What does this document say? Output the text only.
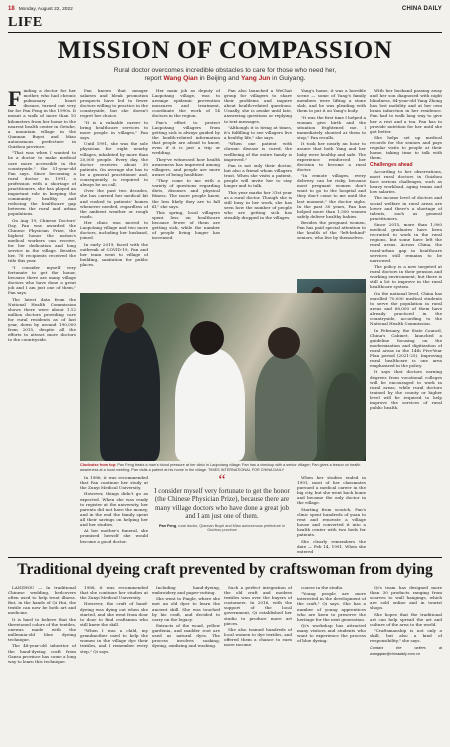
18 Monday, August 22, 2022	CHINA DAILY
LIFE
MISSION OF COMPASSION
Rural doctor overcomes incredible obstacles to care for those who need her,
report Wang Qian in Beijing and Yang Jun in Guiyang.
F inding a doctor for her mother, who had chronic pulmonary heart disease, turned out very far for Pan Feng in the 1990s. It meant a walk of more than 10 kilometers from her home to the nearest health center in Getuhe, a mountain village in the Qiannan Buyei and Miao autonomous prefecture in Guizhou province.

"That was when I wanted to be a doctor to make medical care more accessible in the countryside," the 51-year-old Pan says. Since becoming a rural doctor in 1991, a profession with a shortage of practitioners, she has played an important role in keeping the community healthy and reducing the healthcare gap between the rural and urban populations.

On Aug 19, Chinese Doctors' Day, Pan was awarded the Chinese Physician Prize, the highest honor the nation's medical workers can receive, for her dedication and long service in the village. Besides her, 78 recipients received the title this year.

"I consider myself very fortunate to get the honor, because there are many village doctors who have done a great job and I am just one of them," Pan says.

The latest data from the National Health Commission shows there were about 1.12 million doctors providing care for rural residents as of last year, down by around 190,000 from 2015, despite all the efforts to attract more doctors to the countryside.

Pan knows that meager salaries and bleak promotion prospects have led to fewer doctors willing to practice in the countryside, but she doesn't regret her choice.

"It is a valuable career to bring healthcare services to more people in villages," Pan says.

Until 1991, she was the sole physician for eight nearby villages, inhabited by more than 20,000 people. Every day, the doctor receives about 30 patients. On average she has to be a general practitioner and, consequently, is required to always be on call.

Over the past two decades, she has carried her medical kit and rushed to patients' homes whenever needed, regardless of the ambient weather or rough roads.

Her clinic was moved to Laopotang village and two more doctors, including her husband, joined.

In early 2019, faced with the outbreak of COVID-19, Pan and her team went to village of building, sanitation for public places.

Her main job as deputy of Laopotang village, was to arrange epidemic prevention measures and treatment, coordinate the work of 14 doctors in the region.

Pan's effort to protect Laopotang villagers from getting sick is always guided by the health-related information that people are afraid to know, even if it is just a trip or wedding.

They've witnessed how health awareness has improved among villagers, and people are more aware of being healthier.

"They come to me with a variety of questions regarding diets, diseases and physical fitness. The more people know, the less likely they are to fall ill," she says.

This spring, local villagers spent less on healthcare because fewer of them are getting sick, while the number of people living longer has increased.

Pan also launched a WeChat group for villagers to share their problems and inquire about health-related questions. Usually, she is awake until late, answering questions or replying to text messages.

"Although it is tiring at times, it's fulfilling to see villagers live a healthy life," she says.

"When one patient with chronic disease is cured, the wellbeing of the entire family is improved."

Pan is not only their doctor, but also a friend whom villagers trust. When she visits a patient, people will invite her to stay longer and to talk.

This year marks her 31st year as a rural doctor. Though she is still busy in her work, she has seen how the number of people who are getting sick has steadily dropped in the villages.

Yang's home, it was a horrible scene — some of Yang's family members were lifting a stone slab, and he was pleading with them to put it on Yang's body.

"It was the first time I helped a woman give birth and the situation frightened me. I immediately shouted at them to stop," Pan recalls.

It took her nearly an hour to assure that both Yang and her baby were healthy and safe. The experience reinforced her decision to become a rural doctor.

"In remote villages, every delivery can be risky, because most pregnant women don't want to go to the hospital and they don't come to me until the last moment," the doctor sighs. In the past 30 years, Pan has helped more than 1,500 women safely deliver healthy babies.

Besides the pregnant women, Pan has paid special attention to the health of the "left-behind" seniors, who live by themselves.

With her husband passing away and her son diagnosed with night blindness, 84-year-old Yang Zhong has lost mobility and at her own brain infarction in her residence. Pan had to walk long way to give her a rest and a tea. Pan has to provide nutrition for her until she got better.

She helps set up medical records for the seniors and pays regular visits to people at their home, taking time to talk with them.

Challenges ahead

According to her observations, most rural doctors in Guizhou face serious challenges, such as heavy workload, aging teams and low salaries.

The income level of doctors and social welfare in rural areas are lower and there's a shortage of talents, such as general practitioners.

Since 2015, more than 1,900 medical graduates have been recruited to work in the rural regions, but some have left the rural areas. Across China, the rural-urban gap in healthcare services still remains to be narrowed.

The policy is a new targeted at rural doctors in their pension and working environment, but there is still a lot to improve in the rural healthcare system.

On the national level, China has enrolled 70,000 medical students to serve the population in rural areas and 68,000 of them have already practiced in the countryside, according to the National Health Commission.

In February, the State Council, China's Cabinet, launched a guideline focusing on the modernization and digitization of rural areas in the 14th Five-Year Plan period (2021-25). Improving rural healthcare is one area emphasized in the policy.

It says that doctors earning degrees from vocational colleges will be encouraged to work in rural areas, while rural doctors trained by the county or higher level will be required to help improve the services of rural public health.

Clockwise from top: Pan Feng treats a man's blood pressure at her clinic in Laopotang village; Pan has a checkup with a senior villager; Pan gives a lesson on health awareness at a local meeting. Pan visits a patient at his home in the village. TIMES INTERNATIONAL FOR CHINA DAILY

In 1986, it was recommended that Pan continue her study at the Zunyi Medical University.

However, things didn't go as expected. When she was ready to register at the university, her parents did not have the money, and in the end the family spent all their savings on helping her and her studies.

At her mother's funeral, she promised herself she would become a good doctor.

“
I consider myself very fortunate to get the honor (the Chinese Physician Prize), because there are many village doctors who have done a great job and I am just one of them.
Pan Feng, rural doctor, Qiannan Buyei and Miao autonomous prefecture in Guizhou province

When her studies ended in 1991, most of her classmates pursued a medical career in the big city, but she went back home and became the only doctor in the village.

Starting from scratch, Pan's clinic spent hundreds of yuan to rent and renovate a village house and converted it into a health center with two beds for patients.

She clearly remembers the date — Feb 14, 1991. When she entered

Traditional dyeing craft prevented by craftswoman from dying

LANZHOU — In traditional Chinese wedding, bedcovers often used to help treat illness. But, in the hands of Qi Hui, the textile can now be both art and medicine.

It is hard to believe that the threetoned colors of the textiles, onewas made with the millennia-old blue dyeing technique.

The 48-year-old inheritor of the hand-dyeing craft from Gansu province has come a long way to learn this technique.

1988, it was recommended that she continue her studies at the Zunyi Medical University.

However, the craft of hand-dyeing was dying out when she started, and she went from door to door to find craftsmen who still knew the skill.

"When I was a child, my grandmother used to help the women in the village dye their textiles, and I remember every step," Qi says.

Including hand-dyeing, embroidery and paper-cutting.

She went to Pingle, where she met an old dyer to learn the ancient skill. She was touched by his craft, and decided to carry on the legacy.

Extracts of the woad, yellow gardenia, and madder root are used as natural dyes. The process involves soaking, dyeing, oxidizing and washing.

Such a perfect integration of the old craft and modern textiles won over the buyers of customers. In 2016, with the support of the local government, Qi established her studio to produce more art pieces.

She also trained hundreds of local women to dye textiles, and offered them a chance to earn more income.

course in the studio.

"Young people are more interested in the development of the craft," Qi says. She has a number of young apprentices who are keen to preserve the heritage for the next generation.

Qi's workshop has attracted many visitors and students who want to experience the process of blue dyeing.

Qi's team has designed more than 30 products ranging from scarves to wall hangings, which are sold online and in tourist shops.

She hopes that the traditional art can help spread the art and culture of the area to the world.

"Craftsmanship is not only a skill, but also a kind of responsibility," she says.

Contact the writers at wangqian@chinadaily.com.cn
